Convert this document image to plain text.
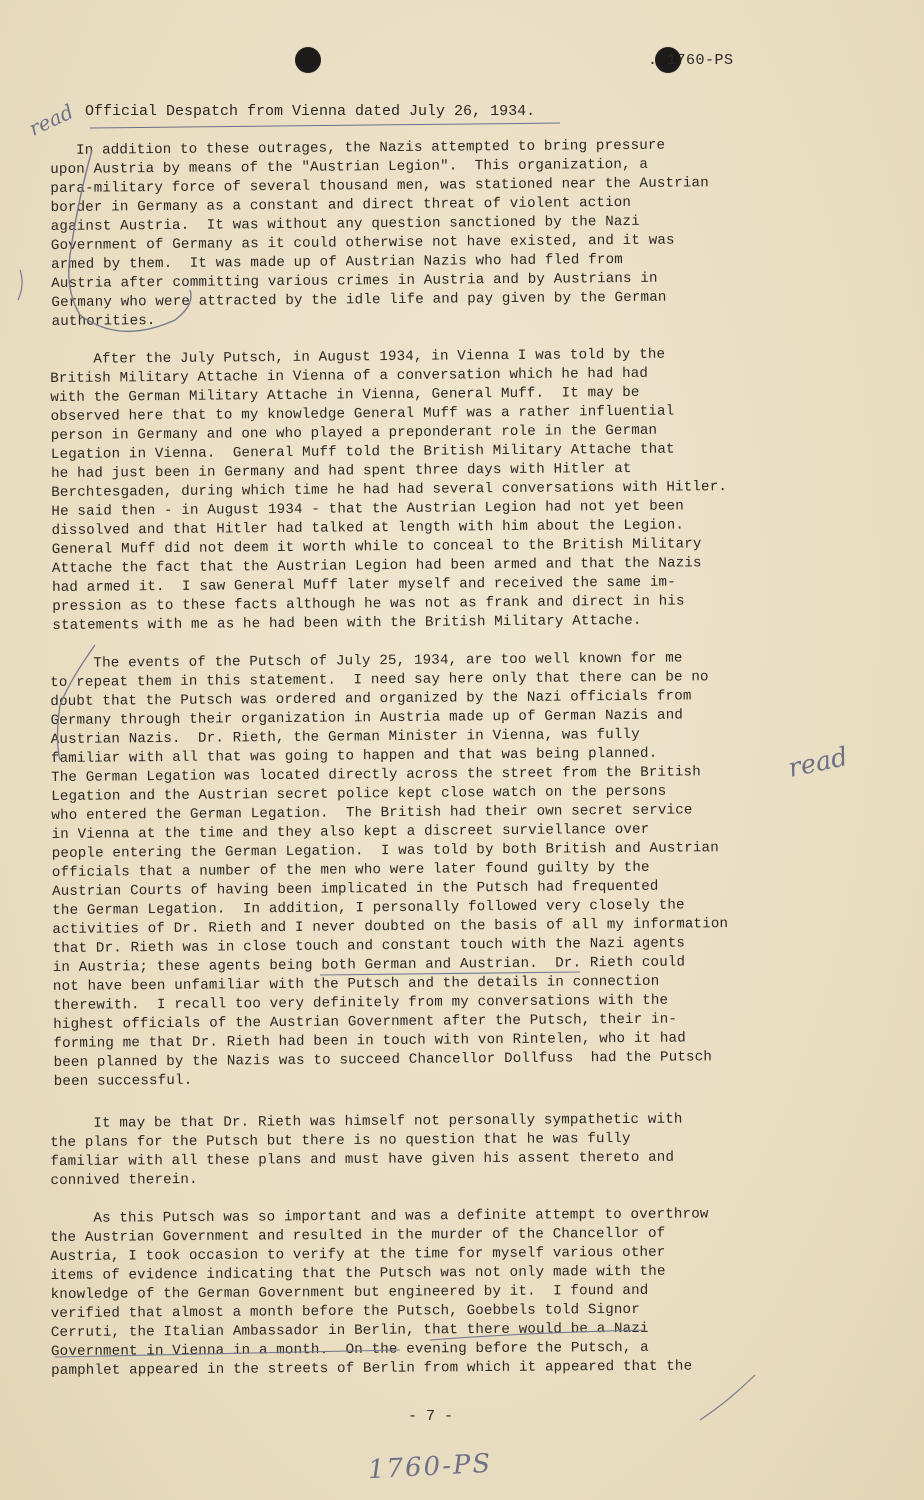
. 1760-PS
read Official Despatch from Vienna dated July 26, 1934.
In addition to these outrages, the Nazis attempted to bring pressure
upon Austria by means of the "Austrian Legion".  This organization, a
para-military force of several thousand men, was stationed near the Austrian
border in Germany as a constant and direct threat of violent action
against Austria.  It was without any question sanctioned by the Nazi
Government of Germany as it could otherwise not have existed, and it was
armed by them.  It was made up of Austrian Nazis who had fled from
Austria after committing various crimes in Austria and by Austrians in
Germany who were attracted by the idle life and pay given by the German
authorities.
After the July Putsch, in August 1934, in Vienna I was told by the
British Military Attache in Vienna of a conversation which he had had
with the German Military Attache in Vienna, General Muff.  It may be
observed here that to my knowledge General Muff was a rather influential
person in Germany and one who played a preponderant role in the German
Legation in Vienna.  General Muff told the British Military Attache that
he had just been in Germany and had spent three days with Hitler at
Berchtesgaden, during which time he had had several conversations with Hitler.
He said then - in August 1934 - that the Austrian Legion had not yet been
dissolved and that Hitler had talked at length with him about the Legion.
General Muff did not deem it worth while to conceal to the British Military
Attache the fact that the Austrian Legion had been armed and that the Nazis
had armed it.  I saw General Muff later myself and received the same im-
pression as to these facts although he was not as frank and direct in his
statements with me as he had been with the British Military Attache.
The events of the Putsch of July 25, 1934, are too well known for me
to repeat them in this statement.  I need say here only that there can be no
doubt that the Putsch was ordered and organized by the Nazi officials from
Germany through their organization in Austria made up of German Nazis and
Austrian Nazis.  Dr. Rieth, the German Minister in Vienna, was fully
familiar with all that was going to happen and that was being planned.
The German Legation was located directly across the street from the British
Legation and the Austrian secret police kept close watch on the persons
who entered the German Legation.  The British had their own secret service
in Vienna at the time and they also kept a discreet surviellance over
people entering the German Legation.  I was told by both British and Austrian
officials that a number of the men who were later found guilty by the
Austrian Courts of having been implicated in the Putsch had frequented
the German Legation.  In addition, I personally followed very closely the
activities of Dr. Rieth and I never doubted on the basis of all my information
that Dr. Rieth was in close touch and constant touch with the Nazi agents
in Austria; these agents being both German and Austrian.  Dr. Rieth could
not have been unfamiliar with the Putsch and the details in connection
therewith.  I recall too very definitely from my conversations with the
highest officials of the Austrian Government after the Putsch, their in-
forming me that Dr. Rieth had been in touch with von Rintelen, who it had
been planned by the Nazis was to succeed Chancellor Dollfuss  had the Putsch
been successful.
It may be that Dr. Rieth was himself not personally sympathetic with
the plans for the Putsch but there is no question that he was fully
familiar with all these plans and must have given his assent thereto and
connived therein.
As this Putsch was so important and was a definite attempt to overthrow
the Austrian Government and resulted in the murder of the Chancellor of
Austria, I took occasion to verify at the time for myself various other
items of evidence indicating that the Putsch was not only made with the
knowledge of the German Government but engineered by it.  I found and
verified that almost a month before the Putsch, Goebbels told Signor
Cerruti, the Italian Ambassador in Berlin, that there would be a Nazi
Government in Vienna in a month.  On the evening before the Putsch, a
pamphlet appeared in the streets of Berlin from which it appeared that the
read
- 7 -
1760-PS
